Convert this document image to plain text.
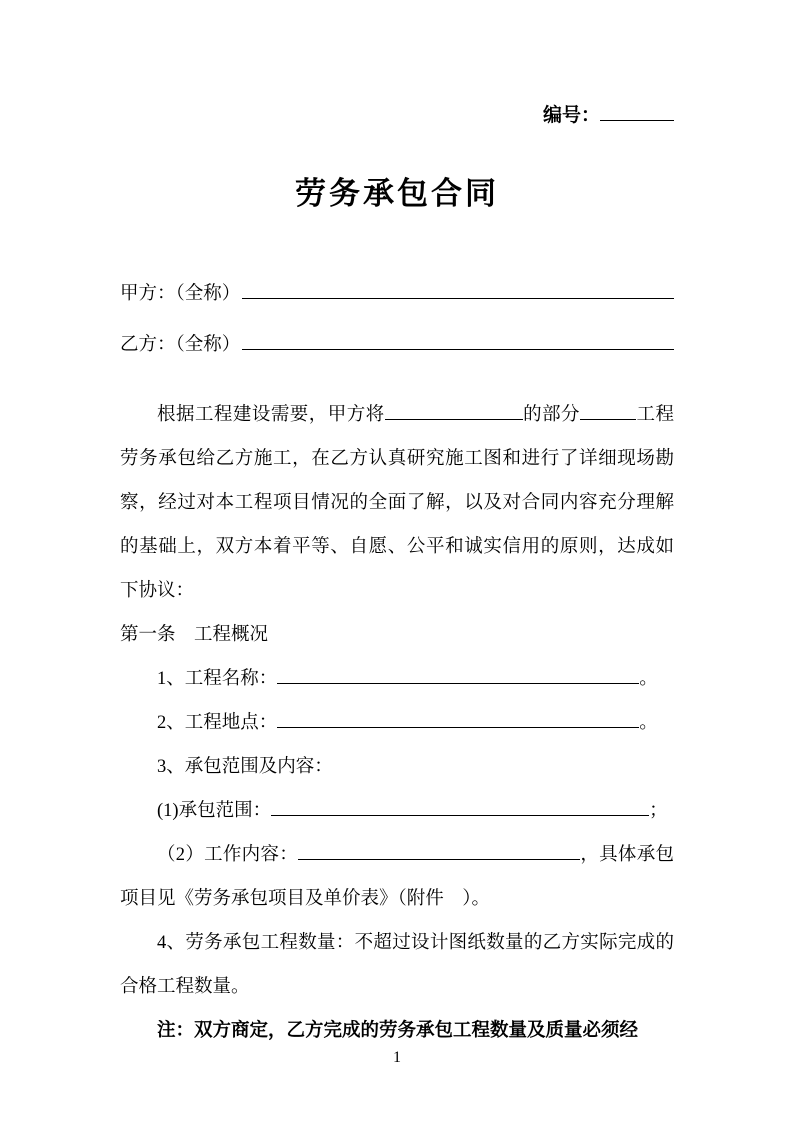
编号：
劳务承包合同
甲方：（全称）
乙方：（全称）

根据工程建设需要，甲方将	的部分	工程劳务承包给乙方施工，在乙方认真研究施工图和进行了详细现场勘察，经过对本工程项目情况的全面了解，以及对合同内容充分理解的基础上，双方本着平等、自愿、公平和诚实信用的原则，达成如下协议：

第一条　工程概况

1、工程名称：	。

2、工程地点：	。

3、承包范围及内容：

(1)承包范围：	；

（2）工作内容：	，具体承包项目见《劳务承包项目及单价表》（附件　）。

4、劳务承包工程数量：不超过设计图纸数量的乙方实际完成的合格工程数量。

注：双方商定，乙方完成的劳务承包工程数量及质量必须经

1
